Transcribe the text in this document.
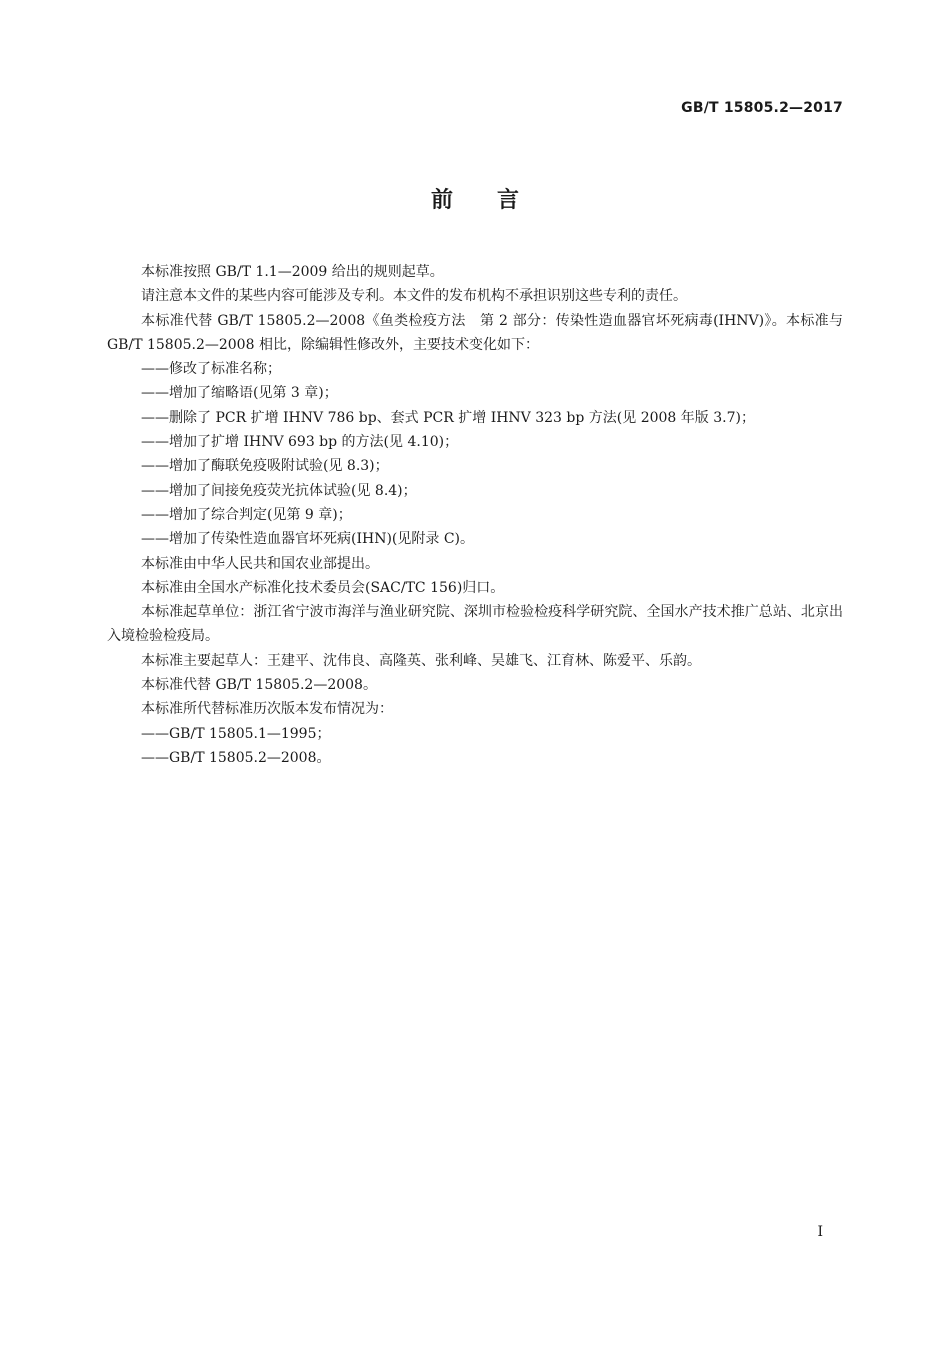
GB/T 15805.2—2017
前言

本标准按照 GB/T 1.1—2009 给出的规则起草。

请注意本文件的某些内容可能涉及专利。本文件的发布机构不承担识别这些专利的责任。

本标准代替 GB/T 15805.2—2008《鱼类检疫方法　第 2 部分：传染性造血器官坏死病毒(IHNV)》。本标准与 GB/T 15805.2—2008 相比，除编辑性修改外，主要技术变化如下：

——修改了标准名称；

——增加了缩略语(见第 3 章)；

——删除了 PCR 扩增 IHNV 786 bp、套式 PCR 扩增 IHNV 323 bp 方法(见 2008 年版 3.7)；

——增加了扩增 IHNV 693 bp 的方法(见 4.10)；

——增加了酶联免疫吸附试验(见 8.3)；

——增加了间接免疫荧光抗体试验(见 8.4)；

——增加了综合判定(见第 9 章)；

——增加了传染性造血器官坏死病(IHN)(见附录 C)。

本标准由中华人民共和国农业部提出。

本标准由全国水产标准化技术委员会(SAC/TC 156)归口。

本标准起草单位：浙江省宁波市海洋与渔业研究院、深圳市检验检疫科学研究院、全国水产技术推广总站、北京出入境检验检疫局。

本标准主要起草人：王建平、沈伟良、高隆英、张利峰、吴雄飞、江育林、陈爱平、乐韵。

本标准代替 GB/T 15805.2—2008。

本标准所代替标准历次版本发布情况为：

——GB/T 15805.1—1995；

——GB/T 15805.2—2008。

I
